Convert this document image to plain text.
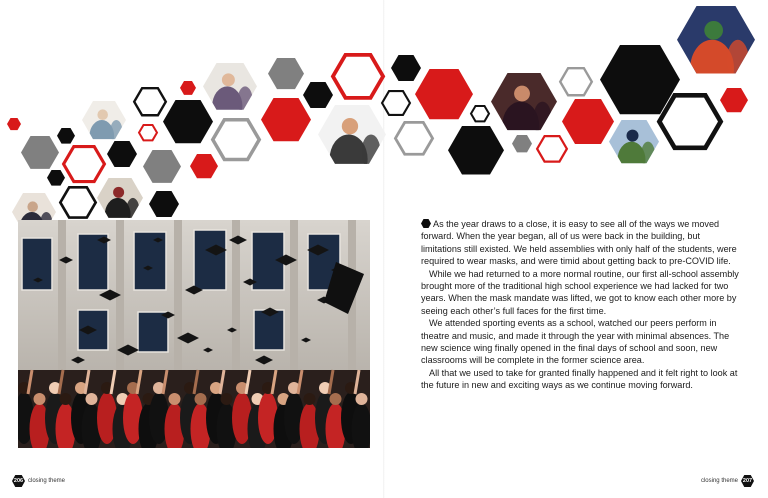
As the year draws to a close, it is easy to see all of the ways we moved forward. When the year began, all of us were back in the building, but limitations still existed. We held assemblies with only half of the students, were required to wear masks, and were timid about getting back to pre-COVID life.

While we had returned to a more normal routine, our first all-school assembly brought more of the traditional high school experience we had lacked for two years. When the mask mandate was lifted, we got to know each other more by seeing each other’s full faces for the first time.

We attended sporting events as a school, watched our peers perform in theatre and music, and made it through the year with minimal absences. The new science wing finally opened in the final days of school and soon, new classrooms will be complete in the former science area.

All that we used to take for granted finally happened and it felt right to look at the future in new and exciting ways as we continue moving forward.

206 closing theme	closing theme 207
